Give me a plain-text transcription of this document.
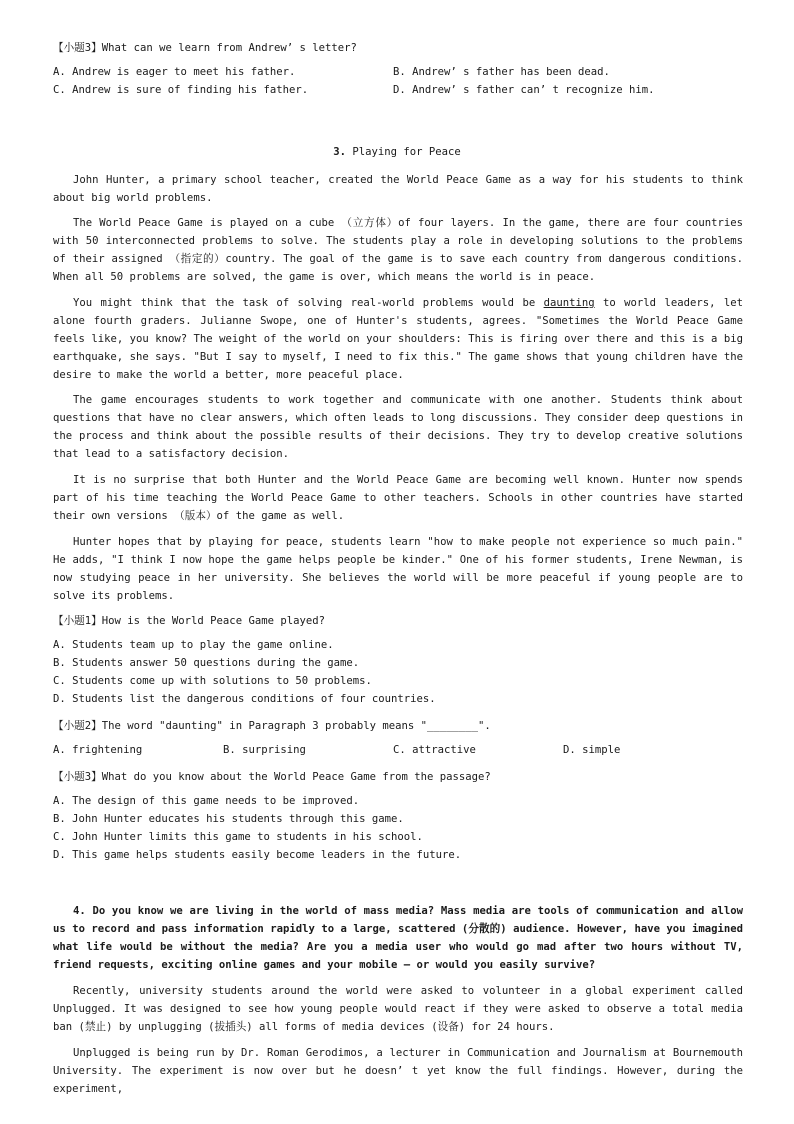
【小题3】What can we learn from Andrew’ s letter?
A. Andrew is eager to meet his father.	B. Andrew’ s father has been dead.
C. Andrew is sure of finding his father.	D. Andrew’ s father can’ t recognize him.
3. Playing for Peace
John Hunter, a primary school teacher, created the World Peace Game as a way for his students to think about big world problems.
The World Peace Game is played on a cube （立方体）of four layers. In the game, there are four countries with 50 interconnected problems to solve. The students play a role in developing solutions to the problems of their assigned （指定的）country. The goal of the game is to save each country from dangerous conditions. When all 50 problems are solved, the game is over, which means the world is in peace.
You might think that the task of solving real-world problems would be daunting to world leaders, let alone fourth graders. Julianne Swope, one of Hunter's students, agrees. "Sometimes the World Peace Game feels like, you know? The weight of the world on your shoulders: This is firing over there and this is a big earthquake, she says. "But I say to myself, I need to fix this." The game shows that young children have the desire to make the world a better, more peaceful place.
The game encourages students to work together and communicate with one another. Students think about questions that have no clear answers, which often leads to long discussions. They consider deep questions in the process and think about the possible results of their decisions. They try to develop creative solutions that lead to a satisfactory decision.
It is no surprise that both Hunter and the World Peace Game are becoming well known. Hunter now spends part of his time teaching the World Peace Game to other teachers. Schools in other countries have started their own versions （版本）of the game as well.
Hunter hopes that by playing for peace, students learn "how to make people not experience so much pain." He adds, "I think I now hope the game helps people be kinder." One of his former students, Irene Newman, is now studying peace in her university. She believes the world will be more peaceful if young people are to solve its problems.
【小题1】How is the World Peace Game played?
A. Students team up to play the game online.
B. Students answer 50 questions during the game.
C. Students come up with solutions to 50 problems.
D. Students list the dangerous conditions of four countries.
【小题2】The word "daunting" in Paragraph 3 probably means "________".
A. frightening	B. surprising	C. attractive	D. simple
【小题3】What do you know about the World Peace Game from the passage?
A. The design of this game needs to be improved.
B. John Hunter educates his students through this game.
C. John Hunter limits this game to students in his school.
D. This game helps students easily become leaders in the future.
4. Do you know we are living in the world of mass media? Mass media are tools of communication and allow us to record and pass information rapidly to a large, scattered (分散的) audience. However, have you imagined what life would be without the media? Are you a media user who would go mad after two hours without TV, friend requests, exciting online games and your mobile — or would you easily survive?
Recently, university students around the world were asked to volunteer in a global experiment called Unplugged. It was designed to see how young people would react if they were asked to observe a total media ban (禁止) by unplugging (拔插头) all forms of media devices (设备) for 24 hours.
Unplugged is being run by Dr. Roman Gerodimos, a lecturer in Communication and Journalism at Bournemouth University. The experiment is now over but he doesn’ t yet know the full findings. However, during the experiment,
